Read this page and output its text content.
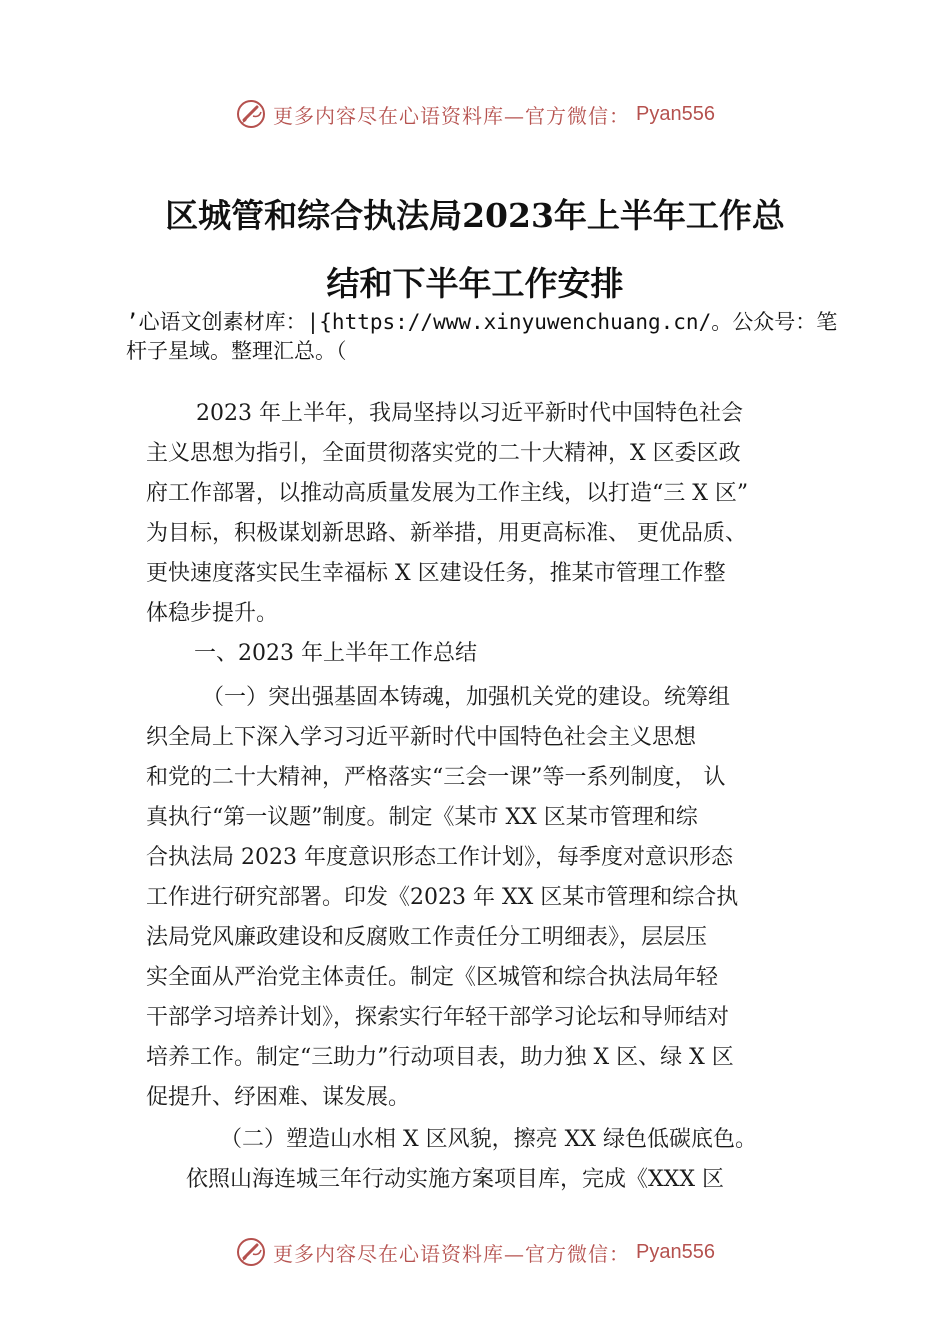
更多内容尽在心语资料库—官方微信： Pyan556
区城管和综合执法局2023年上半年工作总
结和下半年工作安排
’心语文创素材库：|{https://www.xinyuwenchuang.cn/。公众号：笔杆子星域。整理汇总。（
2023 年上半年，我局坚持以习近平新时代中国特色社会
主义思想为指引，全面贯彻落实党的二十大精神，X 区委区政
府工作部署，以推动高质量发展为工作主线，以打造“三 X 区”
为目标，积极谋划新思路、新举措，用更高标准、 更优品质、
更快速度落实民生幸福标 X 区建设任务，推某市管理工作整
体稳步提升。
一、2023 年上半年工作总结
（一）突出强基固本铸魂，加强机关党的建设。统筹组
织全局上下深入学习习近平新时代中国特色社会主义思想
和党的二十大精神，严格落实“三会一课”等一系列制度， 认
真执行“第一议题”制度。制定《某市 XX 区某市管理和综
合执法局 2023 年度意识形态工作计划》，每季度对意识形态
工作进行研究部署。印发《2023 年 XX 区某市管理和综合执
法局党风廉政建设和反腐败工作责任分工明细表》，层层压
实全面从严治党主体责任。制定《区城管和综合执法局年轻
干部学习培养计划》，探索实行年轻干部学习论坛和导师结对
培养工作。制定“三助力”行动项目表，助力独 X 区、绿 X 区
促提升、纾困难、谋发展。
（二）塑造山水相 X 区风貌，擦亮 XX 绿色低碳底色。
依照山海连城三年行动实施方案项目库，完成《XXX 区
更多内容尽在心语资料库—官方微信： Pyan556
